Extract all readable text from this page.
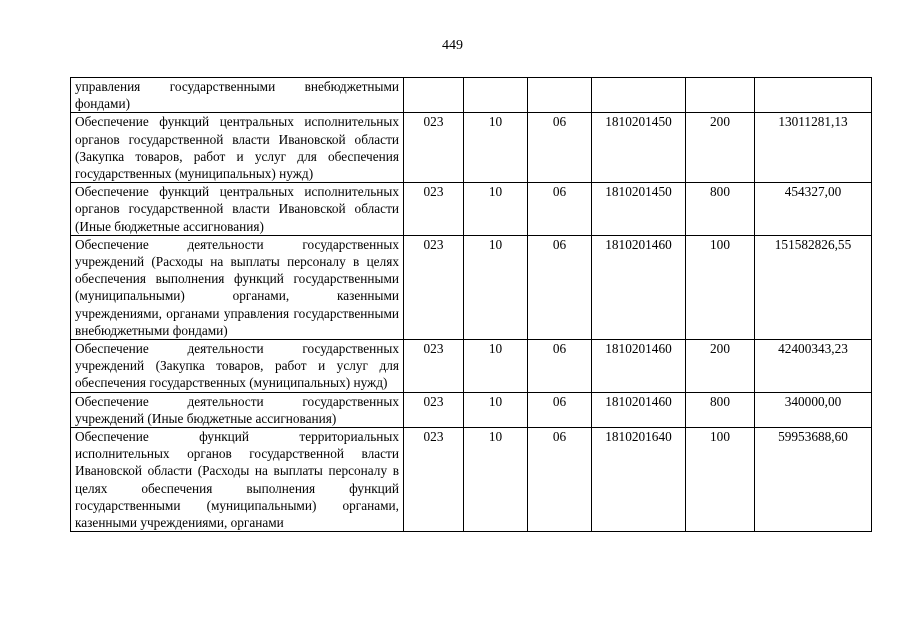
449
управления государственными внебюджетными фондами)						
Обеспечение функций центральных исполнительных органов государственной власти Ивановской области (Закупка товаров, работ и услуг для обеспечения государственных (муниципальных) нужд)	023	10	06	1810201450	200	13011281,13
Обеспечение функций центральных исполнительных органов государственной власти Ивановской области (Иные бюджетные ассигнования)	023	10	06	1810201450	800	454327,00
Обеспечение деятельности государственных учреждений (Расходы на выплаты персоналу в целях обеспечения выполнения функций государственными (муниципальными) органами, казенными учреждениями, органами управления государственными внебюджетными фондами)	023	10	06	1810201460	100	151582826,55
Обеспечение деятельности государственных учреждений (Закупка товаров, работ и услуг для обеспечения государственных (муниципальных) нужд)	023	10	06	1810201460	200	42400343,23
Обеспечение деятельности государственных учреждений (Иные бюджетные ассигнования)	023	10	06	1810201460	800	340000,00
Обеспечение функций территориальных исполнительных органов государственной власти Ивановской области (Расходы на выплаты персоналу в целях обеспечения выполнения функций государственными (муниципальными) органами, казенными учреждениями, органами	023	10	06	1810201640	100	59953688,60
